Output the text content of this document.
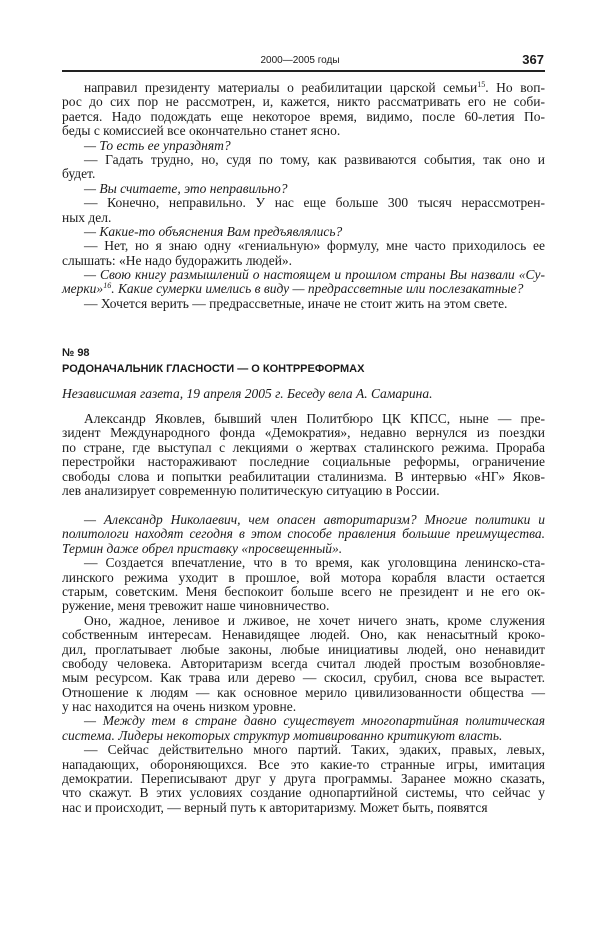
2000—2005 годы	367
направил президенту материалы о реабилитации царской семьи$^{15}$. Но воп-
рос до сих пор не рассмотрен, и, кажется, никто рассматривать его не соби-
рается. Надо подождать еще некоторое время, видимо, после 60-летия По-
беды с комиссией все окончательно станет ясно.
— То есть ее упразднят?
— Гадать трудно, но, судя по тому, как развиваются события, так оно и
будет.
— Вы считаете, это неправильно?
— Конечно, неправильно. У нас еще больше 300 тысяч нерассмотрен-
ных дел.
— Какие-то объяснения Вам предъявлялись?
— Нет, но я знаю одну «гениальную» формулу, мне часто приходилось ее
слышать: «Не надо будоражить людей».
— Свою книгу размышлений о настоящем и прошлом страны Вы назвали «Су-
мерки»$^{16}$. Какие сумерки имелись в виду — предрассветные или послезакатные?
— Хочется верить — предрассветные, иначе не стоит жить на этом свете.
№ 98
РОДОНАЧАЛЬНИК ГЛАСНОСТИ — О КОНТРРЕФОРМАХ
Независимая газета, 19 апреля 2005 г. Беседу вела А. Самарина.
Александр Яковлев, бывший член Политбюро ЦК КПСС, ныне — пре-
зидент Международного фонда «Демократия», недавно вернулся из поездки
по стране, где выступал с лекциями о жертвах сталинского режима. Прораба
перестройки настораживают последние социальные реформы, ограничение
свободы слова и попытки реабилитации сталинизма. В интервью «НГ» Яков-
лев анализирует современную политическую ситуацию в России.
— Александр Николаевич, чем опасен авторитаризм? Многие политики и
политологи находят сегодня в этом способе правления большие преимущества.
Термин даже обрел приставку «просвещенный».
— Создается впечатление, что в то время, как уголовщина ленинско-ста-
линского режима уходит в прошлое, вой мотора корабля власти остается
старым, советским. Меня беспокоит больше всего не президент и не его ок-
ружение, меня тревожит наше чиновничество.
Оно, жадное, ленивое и лживое, не хочет ничего знать, кроме служения
собственным интересам. Ненавидящее людей. Оно, как ненасытный кроко-
дил, проглатывает любые законы, любые инициативы людей, оно ненавидит
свободу человека. Авторитаризм всегда считал людей простым возобновляе-
мым ресурсом. Как трава или дерево — скосил, срубил, снова все вырастет.
Отношение к людям — как основное мерило цивилизованности общества —
у нас находится на очень низком уровне.
— Между тем в стране давно существует многопартийная политическая
система. Лидеры некоторых структур мотивированно критикуют власть.
— Сейчас действительно много партий. Таких, эдаких, правых, левых,
нападающих, обороняющихся. Все это какие-то странные игры, имитация
демократии. Переписывают друг у друга программы. Заранее можно сказать,
что скажут. В этих условиях создание однопартийной системы, что сейчас у
нас и происходит, — верный путь к авторитаризму. Может быть, появятся
